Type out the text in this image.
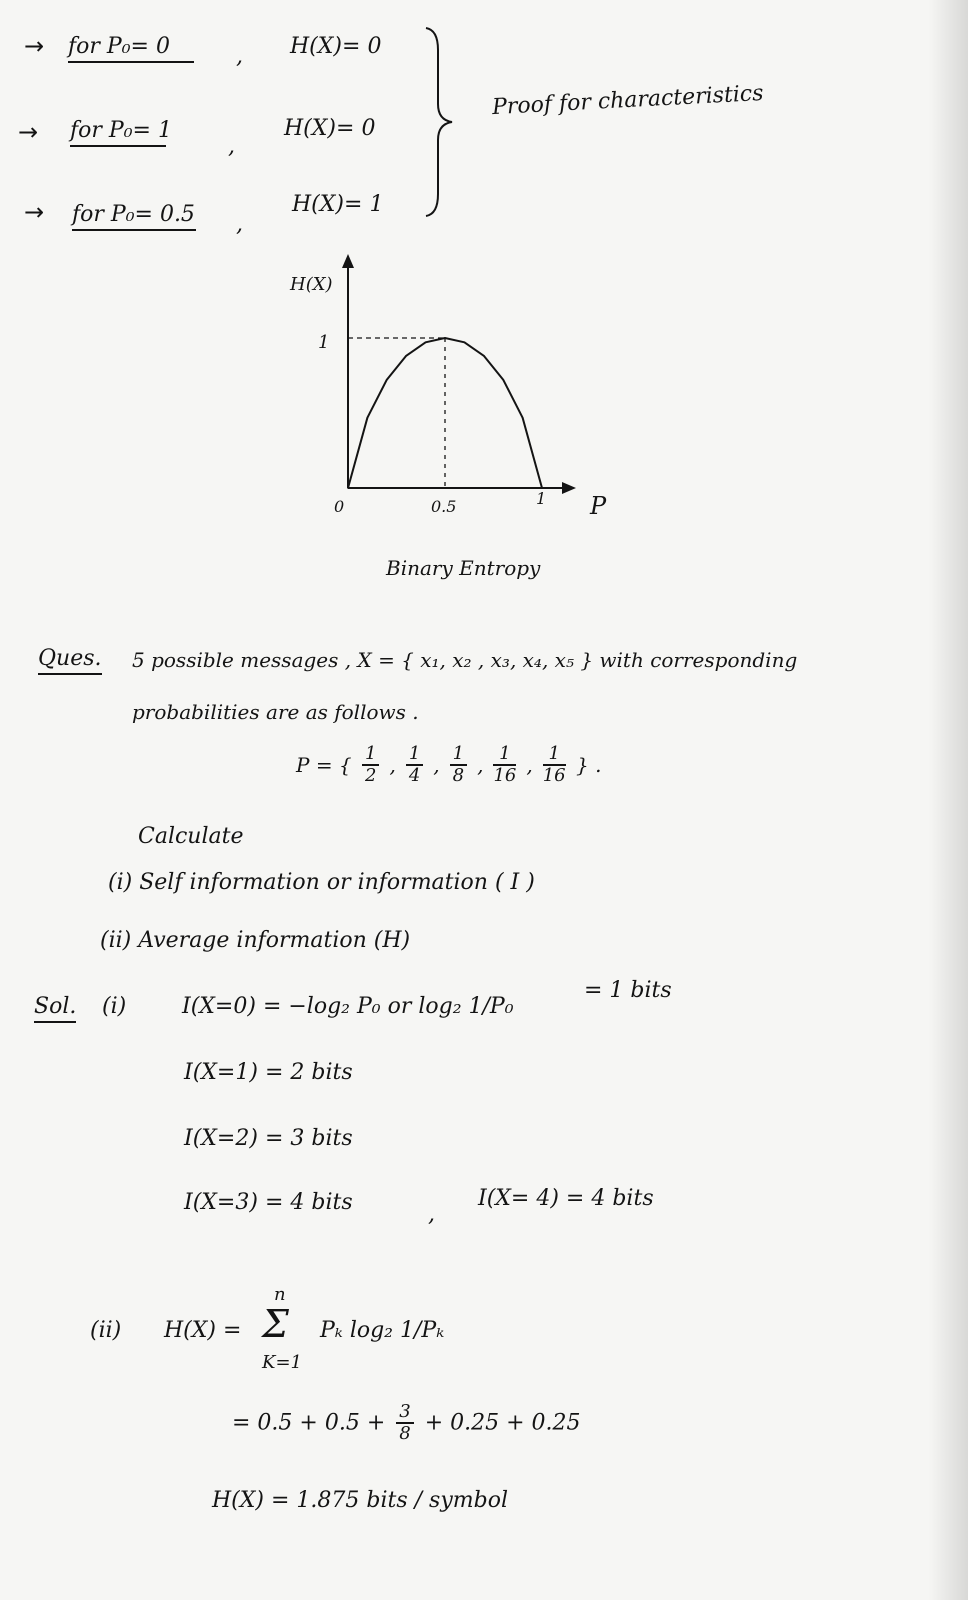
→ for P₀= 0	, H(X)= 0
→ for P₀= 1
,
H(X)= 0
→ for P₀= 0.5 ,
H(X)= 1
Proof for characteristics
H(X)
P
1
0	0.5	1
Binary Entropy
Ques. 5 possible messages , X = { x₁, x₂ , x₃, x₄, x₅ } with corresponding
probabilities are as follows .
P = { $\frac{1}{2}$ , $\frac{1}{4}$ , $\frac{1}{8}$ , $\frac{1}{16}$ , $\frac{1}{16}$ } .
Calculate
(i) Self information or information ( I )
(ii) Average information (H)
Sol. (i)	I(X=0) = −log₂ P₀ or log₂ 1/P₀
= 1 bits
I(X=1) = 2 bits
I(X=2) = 3 bits
I(X=3) = 4 bits	,
I(X= 4) = 4 bits
(ii) H(X) =
n
Σ
K=1
Pₖ log₂ 1/Pₖ
= $0.5 + 0.5 + \frac{3}{8} + 0.25 + 0.25$
H(X) = 1.875 bits / symbol
